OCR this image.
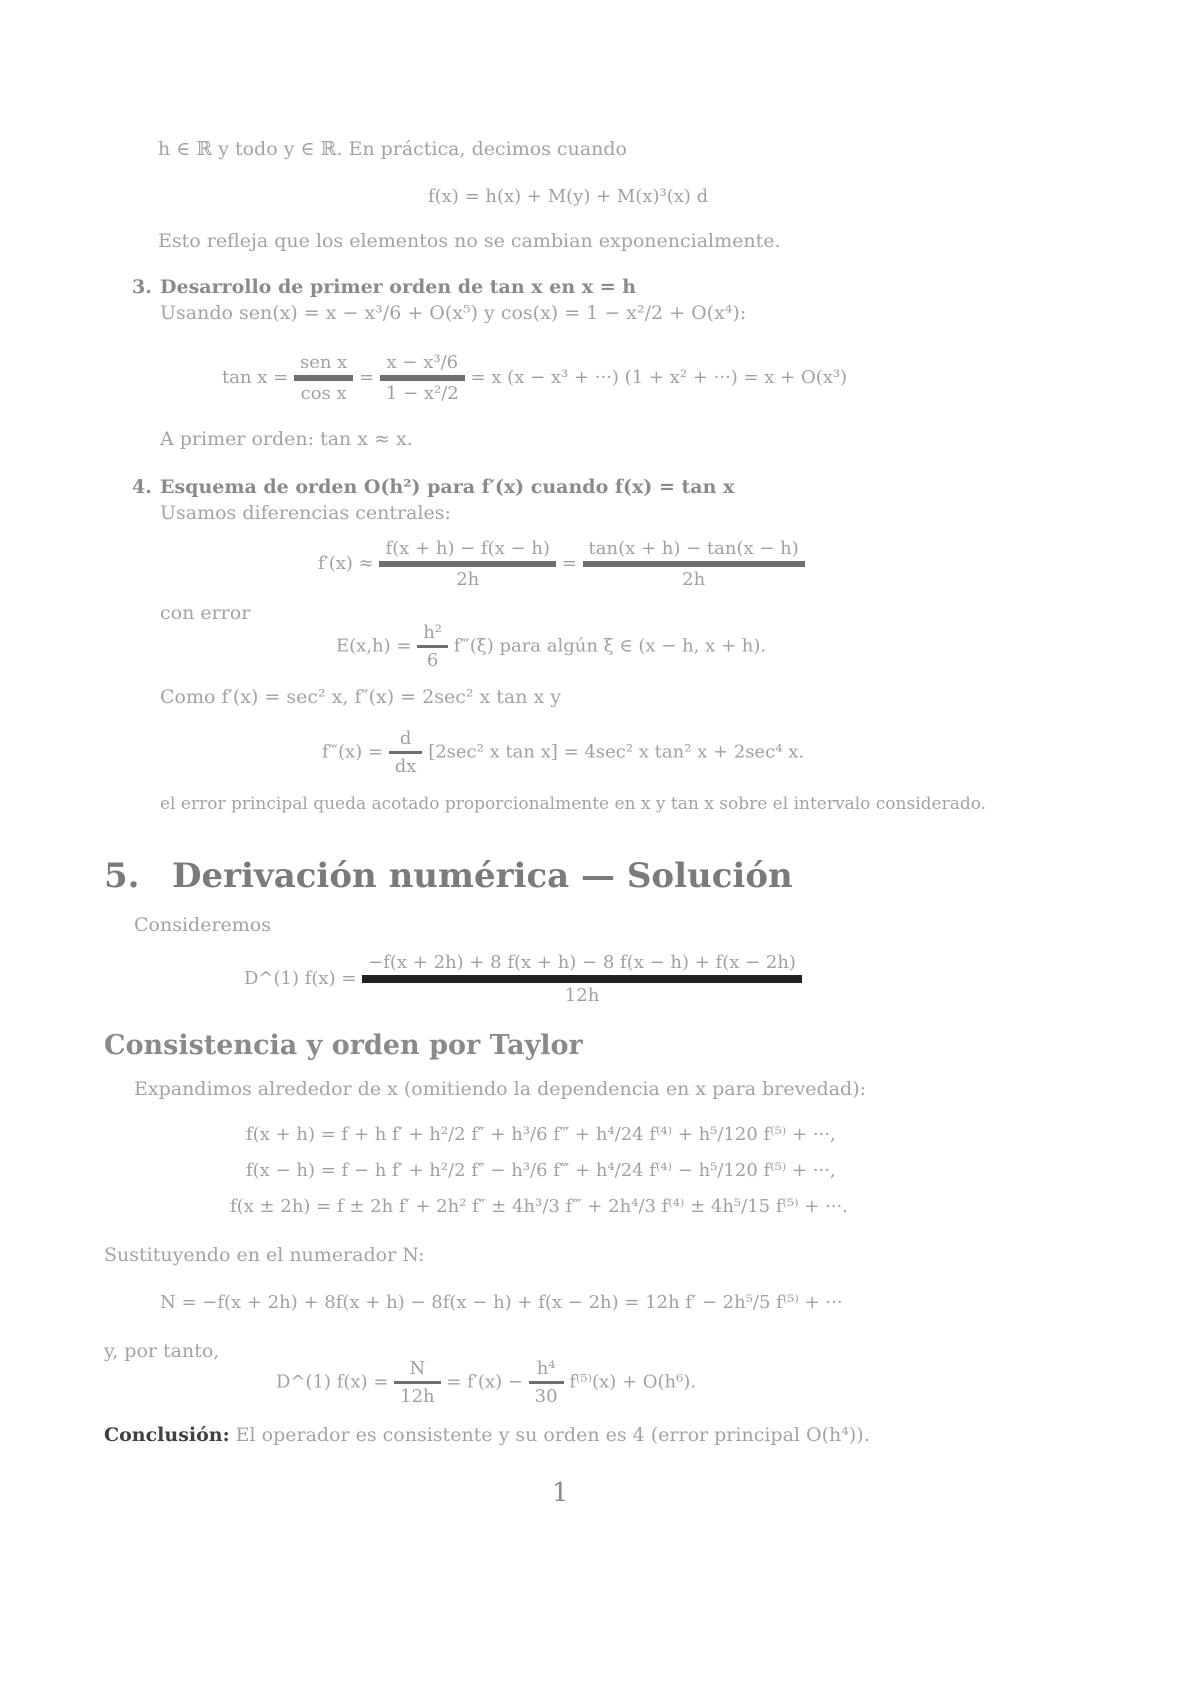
h ∈ ℝ y todo y ∈ ℝ. En práctica, decimos cuando
f(x) = h(x) + M(y) + M(x)³(x) d
Esto refleja que los elementos no se cambian exponencialmente.
3. Desarrollo de primer orden de tan x en x = h
Usando sen(x) = x − x³/6 + O(x⁵) y cos(x) = 1 − x²/2 + O(x⁴):
tan x =
sen x
cos x
=
x − x³/6
1 − x²/2
= x (x − x³ + ···) (1 + x² + ···) = x + O(x³)
A primer orden: tan x ≈ x.
4. Esquema de orden O(h²) para f′(x) cuando f(x) = tan x
Usamos diferencias centrales:
f′(x) ≈
f(x + h) − f(x − h)
2h
=
tan(x + h) − tan(x − h)
2h
con error
$E(x,h) = \frac{\text{h²}}{6}$ f‴(ξ) para algún ξ ∈ (x − h, x + h).
Como f′(x) = sec² x, f″(x) = 2sec² x tan x y
f‴(x) = $\frac{d}{dx} [2\sec^2$ x tan x] = 4sec² x tan² x + 2sec⁴ x.
el error principal queda acotado proporcionalmente en x y tan x sobre el intervalo considerado.
5. Derivación numérica — Solución
Consideremos
D^(1) f(x) =
−f(x + 2h) + 8 f(x + h) − 8 f(x − h) + f(x − 2h)
12h
Consistencia y orden por Taylor
Expandimos alrededor de x (omitiendo la dependencia en x para brevedad):
f(x + h) = f + h f′ + h²/2 f″ + h³/6 f‴ + h⁴/24 f⁽⁴⁾ + h⁵/120 f⁽⁵⁾ + ···,
f(x − h) = f − h f′ + h²/2 f″ − h³/6 f‴ + h⁴/24 f⁽⁴⁾ − h⁵/120 f⁽⁵⁾ + ···,
f(x ± 2h) = f ± 2h f′ + 2h² f″ ± 4h³/3 f‴ + 2h⁴/3 f⁽⁴⁾ ± 4h⁵/15 f⁽⁵⁾ + ···.
Sustituyendo en el numerador N:
N = −f(x + 2h) + 8f(x + h) − 8f(x − h) + f(x − 2h) = 12h f′ − 2h⁵/5 f⁽⁵⁾ + ···
y, por tanto,
D^(1) $f(x) = \frac{N}{12h} = f'(x) - \frac{\text{h⁴}}{30} f^{(5)}(x) + O(h^6)$.
Conclusión: El operador es consistente y su orden es 4 (error principal O(h⁴)).
1
